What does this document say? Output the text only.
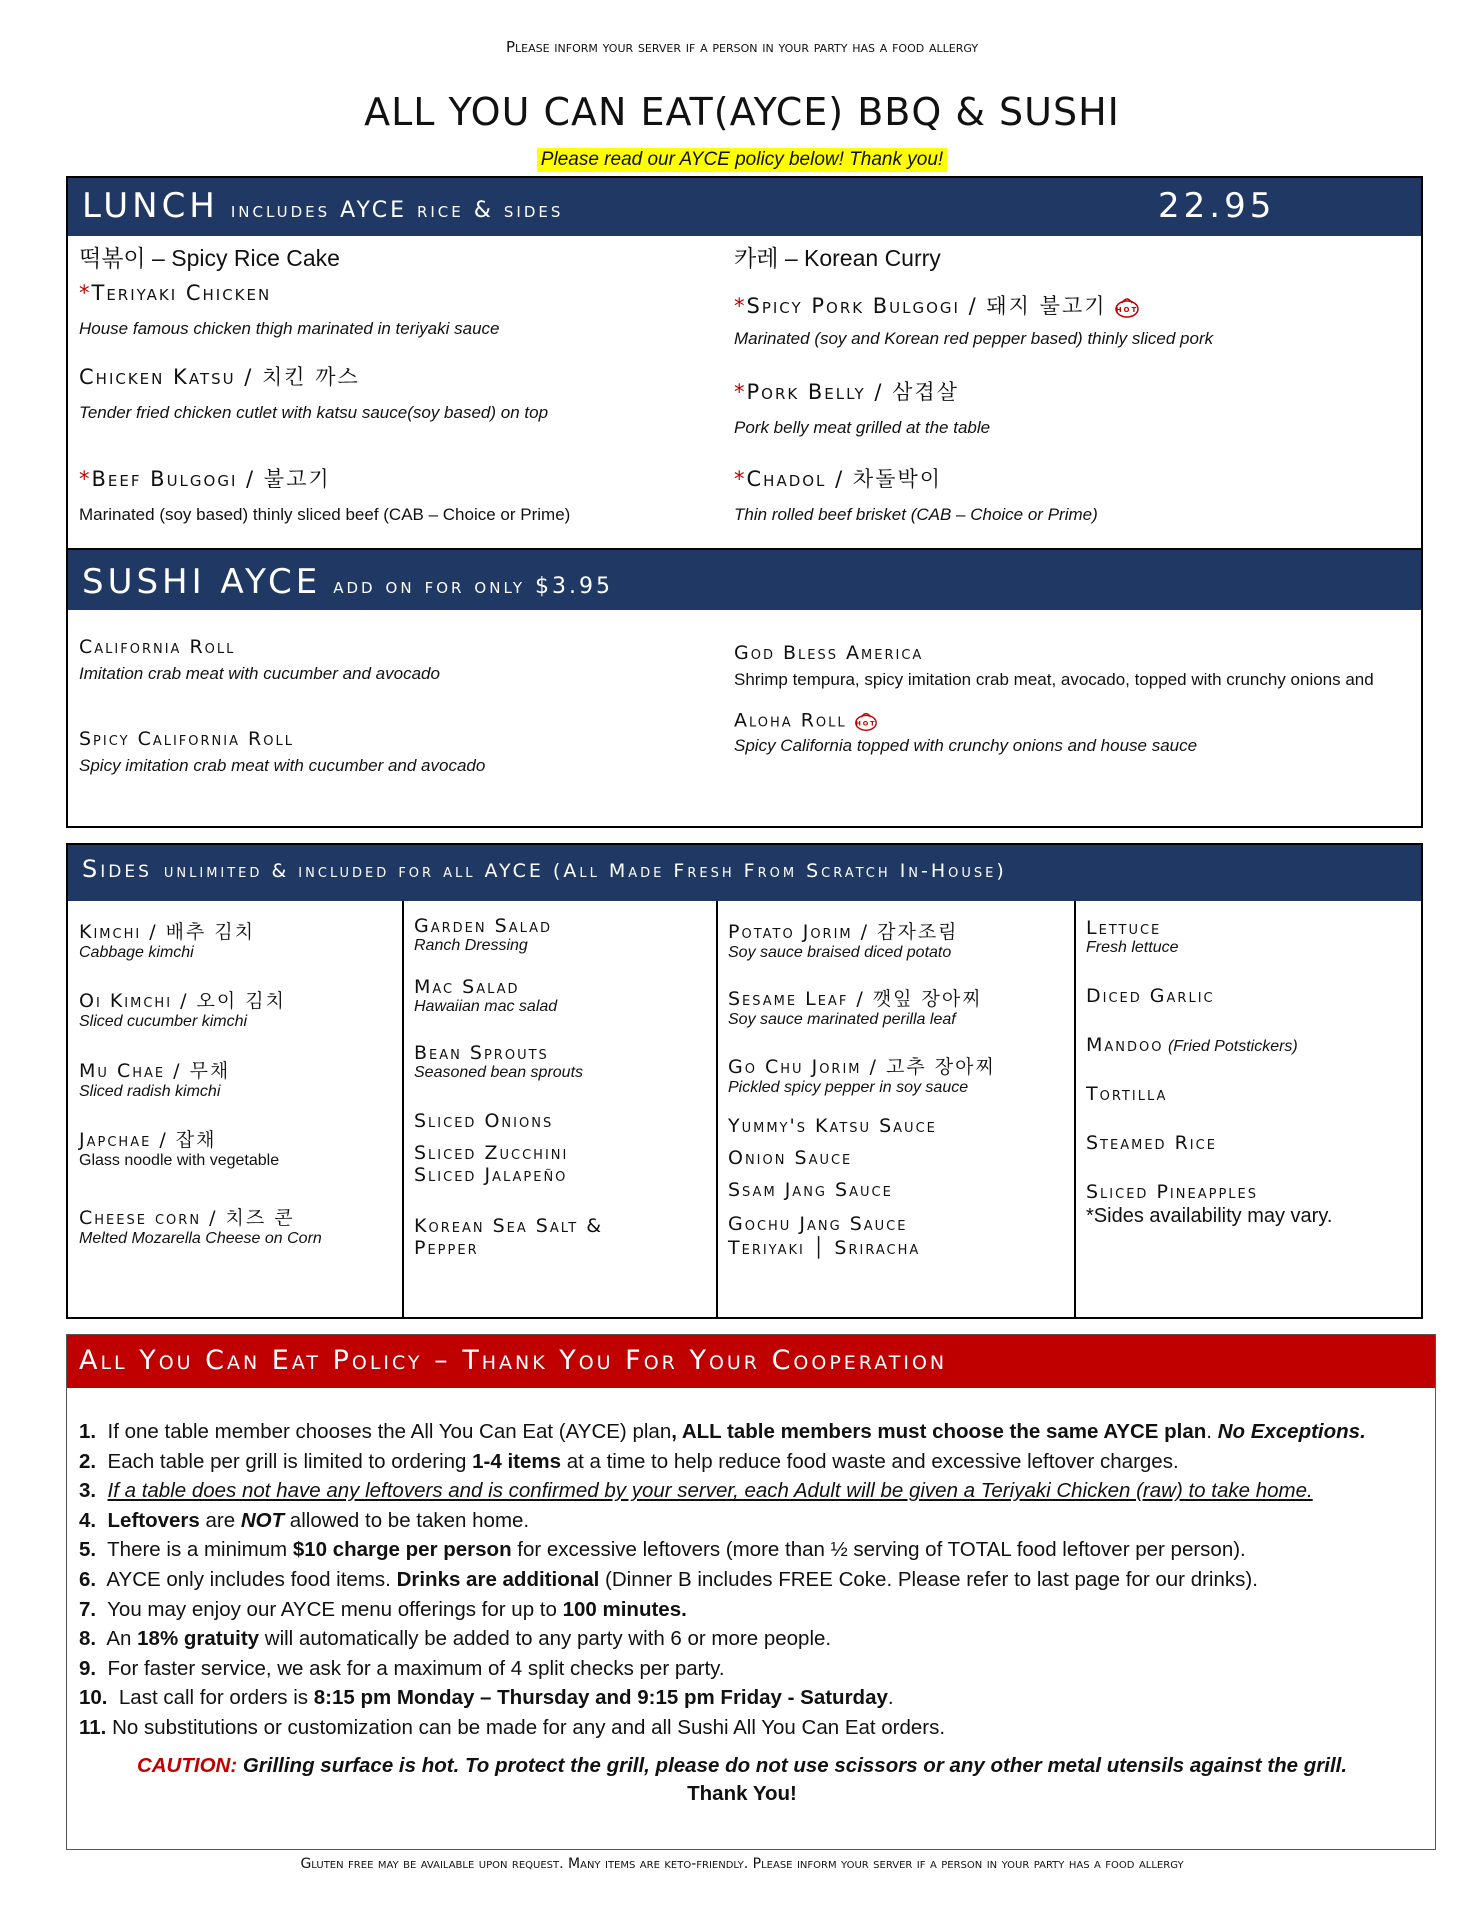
Please inform your server if a person in your party has a food allergy
ALL YOU CAN EAT(AYCE) BBQ & SUSHI
Please read our AYCE policy below! Thank you!
LUNCH includes AYCE rice & sides	22.95
떡볶이 – Spicy Rice Cake	카레 – Korean Curry
*Teriyaki Chicken
House famous chicken thigh marinated in teriyaki sauce
*Spicy Pork Bulgogi / 돼지 불고기 HOT
Marinated (soy and Korean red pepper based) thinly sliced pork
Chicken Katsu / 치킨 까스
Tender fried chicken cutlet with katsu sauce(soy based) on top
*Pork Belly / 삼겹살
Pork belly meat grilled at the table
*Beef Bulgogi / 불고기
Marinated (soy based) thinly sliced beef (CAB – Choice or Prime)
*Chadol / 차돌박이
Thin rolled beef brisket (CAB – Choice or Prime)
SUSHI AYCE add on for only $3.95
California Roll
Imitation crab meat with cucumber and avocado
God Bless America
Shrimp tempura, spicy imitation crab meat, avocado, topped with crunchy onions and
Aloha Roll HOT
Spicy California topped with crunchy onions and house sauce
Spicy California Roll
Spicy imitation crab meat with cucumber and avocado
Sides unlimited & included for all AYCE (All Made Fresh From Scratch In-House)
Kimchi / 배추 김치
Cabbage kimchi
Oi Kimchi / 오이 김치
Sliced cucumber kimchi
Mu Chae / 무채
Sliced radish kimchi
Japchae / 잡채
Glass noodle with vegetable
Cheese corn / 치즈 콘
Melted Mozarella Cheese on Corn
Garden Salad
Ranch Dressing
Mac Salad
Hawaiian mac salad
Bean Sprouts
Seasoned bean sprouts
Sliced Onions
Sliced Zucchini
Sliced Jalapeño
Korean Sea Salt &
Pepper
Potato Jorim / 감자조림
Soy sauce braised diced potato
Sesame Leaf / 깻잎 장아찌
Soy sauce marinated perilla leaf
Go Chu Jorim / 고추 장아찌
Pickled spicy pepper in soy sauce
Yummy's Katsu Sauce
Onion Sauce
Ssam Jang Sauce
Gochu Jang Sauce
Teriyaki │ Sriracha
Lettuce
Fresh lettuce
Diced Garlic
Mandoo (Fried Potstickers)
Tortilla
Steamed Rice
Sliced Pineapples
*Sides availability may vary.
All You Can Eat Policy – Thank You For Your Cooperation
1. If one table member chooses the All You Can Eat (AYCE) plan, ALL table members must choose the same AYCE plan. No Exceptions.
2. Each table per grill is limited to ordering 1-4 items at a time to help reduce food waste and excessive leftover charges.
3. If a table does not have any leftovers and is confirmed by your server, each Adult will be given a Teriyaki Chicken (raw) to take home.
4. Leftovers are NOT allowed to be taken home.
5. There is a minimum $10 charge per person for excessive leftovers (more than ½ serving of TOTAL food leftover per person).
6. AYCE only includes food items. Drinks are additional (Dinner B includes FREE Coke. Please refer to last page for our drinks).
7. You may enjoy our AYCE menu offerings for up to 100 minutes.
8. An 18% gratuity will automatically be added to any party with 6 or more people.
9. For faster service, we ask for a maximum of 4 split checks per party.
10. Last call for orders is 8:15 pm Monday – Thursday and 9:15 pm Friday - Saturday.
11. No substitutions or customization can be made for any and all Sushi All You Can Eat orders.
CAUTION: Grilling surface is hot. To protect the grill, please do not use scissors or any other metal utensils against the grill.
Thank You!
Gluten free may be available upon request. Many items are keto-friendly. Please inform your server if a person in your party has a food allergy
